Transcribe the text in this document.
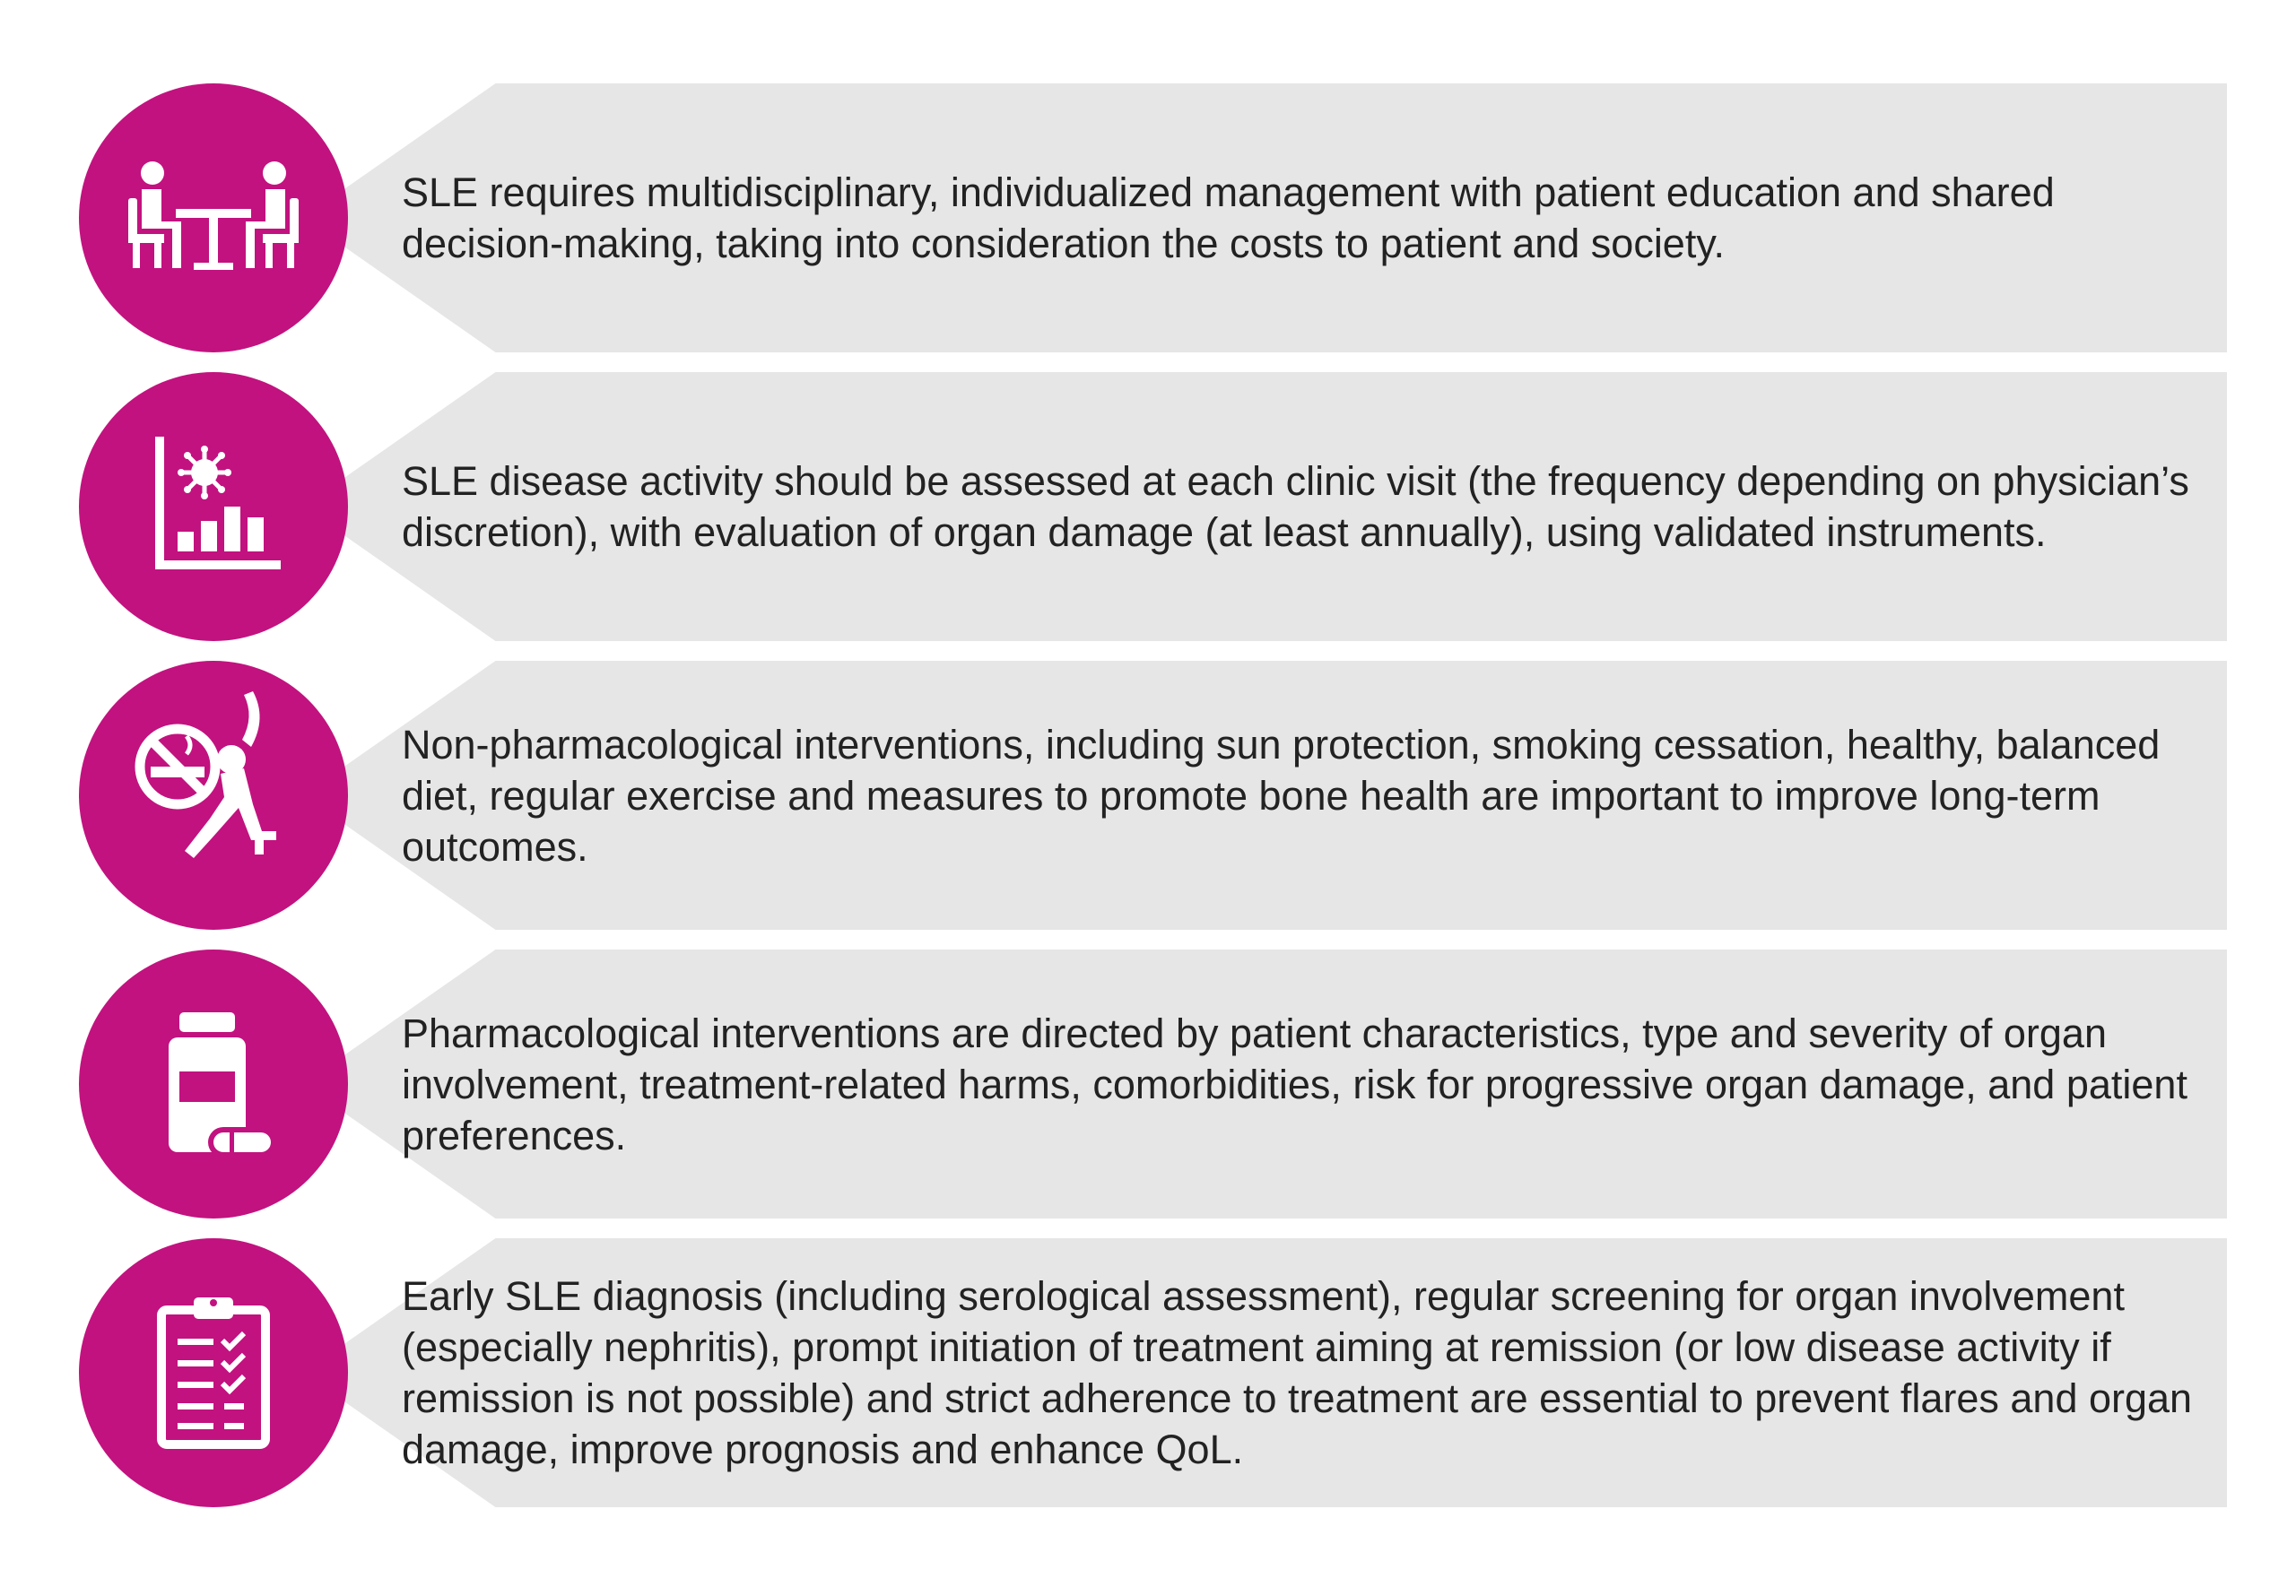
SLE requires multidisciplinary, individualized management with patient education and shared decision-making, taking into consideration the costs to patient and society.
SLE disease activity should be assessed at each clinic visit (the frequency depending on physician’s discretion), with evaluation of organ damage (at least annually), using validated instruments.
Non-pharmacological interventions, including sun protection, smoking cessation, healthy, balanced diet, regular exercise and measures to promote bone health are important to improve long-term outcomes.
Pharmacological interventions are directed by patient characteristics, type and severity of organ involvement, treatment-related harms, comorbidities, risk for progressive organ damage, and patient preferences.
Early SLE diagnosis (including serological assessment), regular screening for organ involvement (especially nephritis), prompt initiation of treatment aiming at remission (or low disease activity if remission is not possible) and strict adherence to treatment are essential to prevent flares and organ damage, improve prognosis and enhance QoL.
